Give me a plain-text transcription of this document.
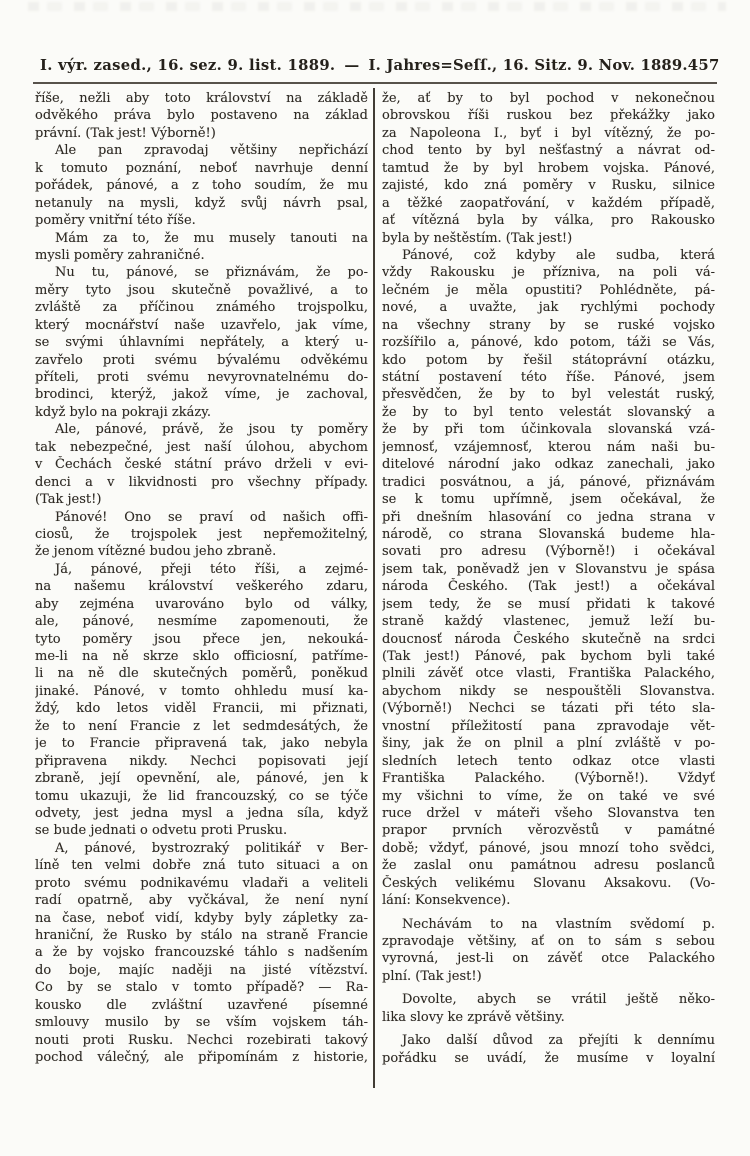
I. výr. zased., 16. sez. 9. list. 1889. — I. Jahres=Seſſ., 16. Sitz. 9. Nov. 1889. 457
říše, nežli aby toto království na základě
odvěkého práva bylo postaveno na základ
právní. (Tak jest! Výborně!)
Ale pan zpravodaj většiny nepřichází
k tomuto poznání, neboť navrhuje denní
pořádek, pánové, a z toho soudím, že mu
netanuly na mysli, když svůj návrh psal,
poměry vnitřní této říše.
Mám za to, že mu musely tanouti na
mysli poměry zahraničné.
Nu tu, pánové, se přiznávám, že po-
měry tyto jsou skutečně považlivé, a to
zvláště za příčinou známého trojspolku,
který mocnářství naše uzavřelo, jak víme,
se svými úhlavními nepřátely, a který u-
zavřelo proti svému bývalému odvěkému
příteli, proti svému nevyrovnatelnému do-
brodinci, kterýž, jakož víme, je zachoval,
když bylo na pokraji zkázy.
Ale, pánové, právě, že jsou ty poměry
tak nebezpečné, jest naší úlohou, abychom
v Čechách české státní právo drželi v evi-
denci a v likvidnosti pro všechny případy.
(Tak jest!)
Pánové! Ono se praví od našich offi-
ciosů, že trojspolek jest nepřemožitelný,
že jenom vítězné budou jeho zbraně.
Já, pánové, přeji této říši, a zejmé-
na našemu království veškerého zdaru,
aby zejména uvarováno bylo od války,
ale, pánové, nesmíme zapomenouti, že
tyto poměry jsou přece jen, nekouká-
me-li na ně skrze sklo officiosní, patříme-
li na ně dle skutečných poměrů, poněkud
jinaké. Pánové, v tomto ohhledu musí ka-
ždý, kdo letos viděl Francii, mi přiznati,
že to není Francie z let sedmdesátých, že
je to Francie připravená tak, jako nebyla
připravena nikdy. Nechci popisovati její
zbraně, její opevnění, ale, pánové, jen k
tomu ukazuji, že lid francouzský, co se týče
odvety, jest jedna mysl a jedna síla, když
se bude jednati o odvetu proti Prusku.
A, pánové, bystrozraký politikář v Ber-
líně ten velmi dobře zná tuto situaci a on
proto svému podnikavému vladaři a veliteli
radí opatrně, aby vyčkával, že není nyní
na čase, neboť vidí, kdyby byly zápletky za-
hraniční, že Rusko by stálo na straně Francie
a že by vojsko francouzské táhlo s nadšením
do boje, majíc naději na jisté vítězství.
Co by se stalo v tomto případě? — Ra-
kousko dle zvláštní uzavřené písemné
smlouvy musilo by se vším vojskem táh-
nouti proti Rusku. Nechci rozebirati takový
pochod válečný, ale připomínám z historie,
že, ať by to byl pochod v nekonečnou
obrovskou říši ruskou bez překážky jako
za Napoleona I., byť i byl vítězný, že po-
chod tento by byl nešťastný a návrat od-
tamtud že by byl hrobem vojska. Pánové,
zajisté, kdo zná poměry v Rusku, silnice
a těžké zaopatřování, v každém případě,
ať vítězná byla by válka, pro Rakousko
byla by neštěstím. (Tak jest!)
Pánové, což kdyby ale sudba, která
vždy Rakousku je přízniva, na poli vá-
lečném je měla opustiti? Pohlédněte, pá-
nové, a uvažte, jak rychlými pochody
na všechny strany by se ruské vojsko
rozšířilo a, pánové, kdo potom, táži se Vás,
kdo potom by řešil státoprávní otázku,
státní postavení této říše. Pánové, jsem
přesvědčen, že by to byl velestát ruský,
že by to byl tento velestát slovanský a
že by při tom účinkovala slovanská vzá-
jemnosť, vzájemnosť, kterou nám naši bu-
ditelové národní jako odkaz zanechali, jako
tradici posvátnou, a já, pánové, přiznávám
se k tomu upřímně, jsem očekával, že
při dnešním hlasování co jedna strana v
národě, co strana Slovanská budeme hla-
sovati pro adresu (Výborně!) i očekával
jsem tak, poněvadž jen v Slovanstvu je spása
národa Českého. (Tak jest!) a očekával
jsem tedy, že se musí přidati k takové
straně každý vlastenec, jemuž leží bu-
doucnosť národa Českého skutečně na srdci
(Tak jest!) Pánové, pak bychom byli také
plnili závěť otce vlasti, Františka Palackého,
abychom nikdy se nespouštěli Slovanstva.
(Výborně!) Nechci se tázati při této sla-
vnostní příležitostí pana zpravodaje vět-
šiny, jak že on plnil a plní zvláště v po-
sledních letech tento odkaz otce vlasti
Františka Palackého. (Výborně!). Vždyť
my všichni to víme, že on také ve své
ruce držel v máteři všeho Slovanstva ten
prapor prvních věrozvěstů v památné
době; vždyť, pánové, jsou mnozí toho svědci,
že zaslal onu památnou adresu poslanců
Českých velikému Slovanu Aksakovu. (Vo-
lání: Konsekvence).
Nechávám to na vlastním svědomí p.
zpravodaje většiny, ať on to sám s sebou
vyrovná, jest-li on závěť otce Palackého
plní. (Tak jest!)
Dovolte, abych se vrátil ještě něko-
lika slovy ke zprávě většiny.
Jako další důvod za přejíti k dennímu
pořádku se uvádí, že musíme v loyalní
